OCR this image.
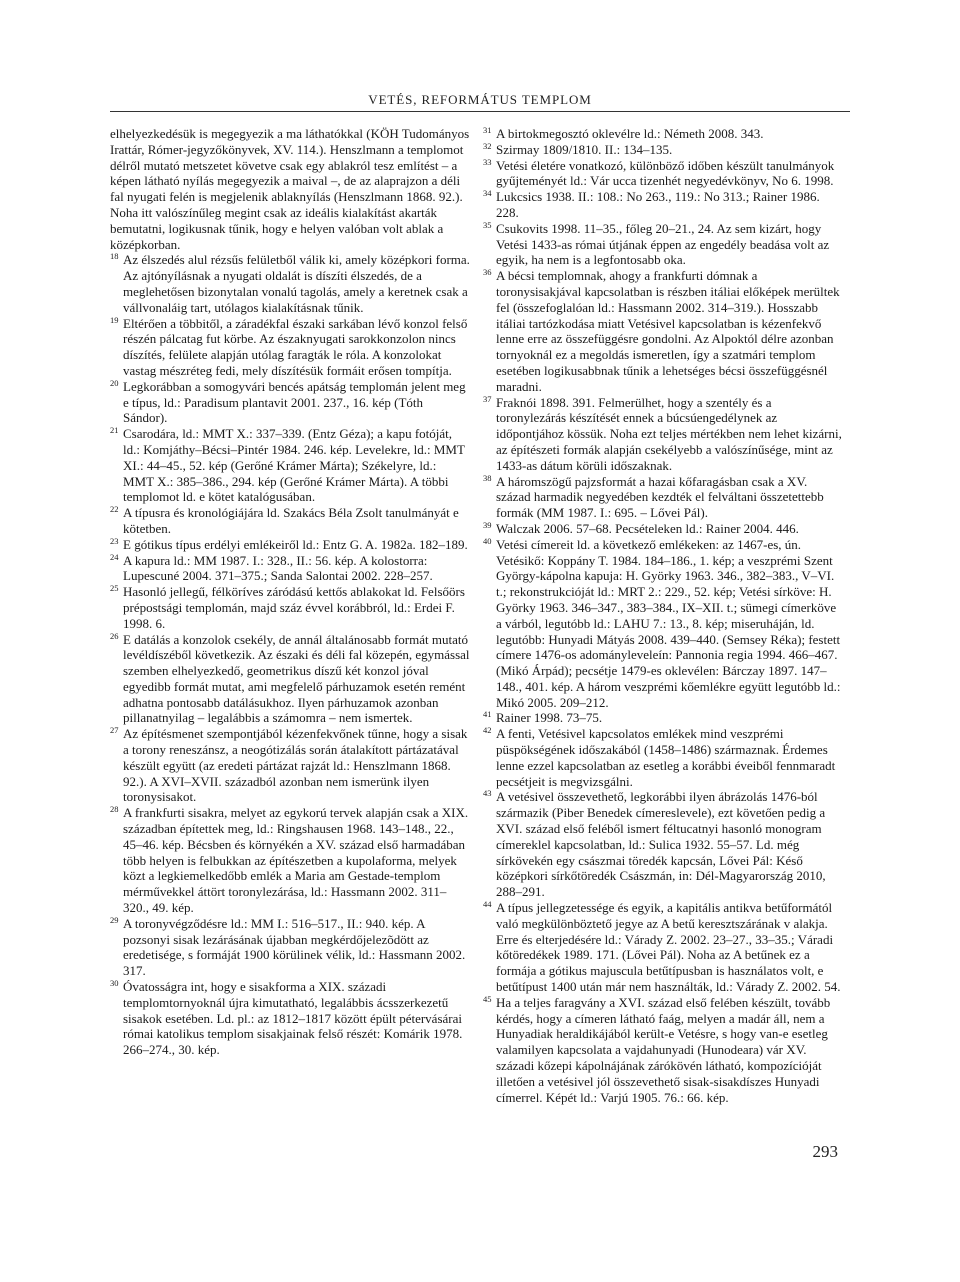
VETÉS, REFORMÁTUS TEMPLOM

elhelyezkedésük is megegyezik a ma láthatókkal (KÖH Tudományos Irattár, Rómer-jegyzőkönyvek, XV. 114.). Henszlmann a templomot délről mutató metszetet követve csak egy ablakról tesz említést – a képen látható nyílás megegyezik a maival –, de az alaprajzon a déli fal nyugati felén is megjelenik ablaknyílás (Henszlmann 1868. 92.). Noha itt valószínűleg megint csak az ideális kialakítást akarták bemutatni, logikusnak tűnik, hogy e helyen valóban volt ablak a középkorban.

18 Az élszedés alul rézsűs felületből válik ki, amely középkori forma. Az ajtónyílásnak a nyugati oldalát is díszíti élszedés, de a meglehetősen bizonytalan vonalú tagolás, amely a keretnek csak a vállvonaláig tart, utólagos kialakításnak tűnik.

19 Eltérően a többitől, a záradékfal északi sarkában lévő konzol felső részén pálcatag fut körbe. Az északnyugati sarokkonzolon nincs díszítés, felülete alapján utólag faragták le róla. A konzolokat vastag mészréteg fedi, mely díszítésük formáit erősen tompítja.

20 Legkorábban a somogyvári bencés apátság templomán jelent meg e típus, ld.: Paradisum plantavit 2001. 237., 16. kép (Tóth Sándor).

21 Csarodára, ld.: MMT X.: 337–339. (Entz Géza); a kapu fotóját, ld.: Komjáthy–Bécsi–Pintér 1984. 246. kép. Levelekre, ld.: MMT XI.: 44–45., 52. kép (Gerőné Krámer Márta); Székelyre, ld.: MMT X.: 385–386., 294. kép (Gerőné Krámer Márta). A többi templomot ld. e kötet katalógusában.

22 A típusra és kronológiájára ld. Szakács Béla Zsolt tanulmányát e kötetben.

23 E gótikus típus erdélyi emlékeiről ld.: Entz G. A. 1982a. 182–189.

24 A kapura ld.: MM 1987. I.: 328., II.: 56. kép. A kolostorra: Lupescuné 2004. 371–375.; Sanda Salontai 2002. 228–257.

25 Hasonló jellegű, félköríves záródású kettős ablakokat ld. Felsőörs prépostsági templomán, majd száz évvel korábbról, ld.: Erdei F. 1998. 6.

26 E datálás a konzolok csekély, de annál általánosabb formát mutató levéldíszéből következik. Az északi és déli fal közepén, egymással szemben elhelyezkedő, geometrikus díszű két konzol jóval egyedibb formát mutat, ami megfelelő párhuzamok esetén remént adhatna pontosabb datálásukhoz. Ilyen párhuzamok azonban pillanatnyilag – legalábbis a számomra – nem ismertek.

27 Az építésmenet szempontjából kézenfekvőnek tűnne, hogy a sisak a torony reneszánsz, a neogótizálás során átalakított pártázatával készült együtt (az eredeti pártázat rajzát ld.: Henszlmann 1868. 92.). A XVI–XVII. századból azonban nem ismerünk ilyen toronysisakot.

28 A frankfurti sisakra, melyet az egykorú tervek alapján csak a XIX. században építettek meg, ld.: Ringshausen 1968. 143–148., 22., 45–46. kép. Bécsben és környékén a XV. század első harmadában több helyen is felbukkan az építészetben a kupolaforma, melyek közt a legkiemelkedőbb emlék a Maria am Gestade-templom mérművekkel áttört toronylezárása, ld.: Hassmann 2002. 311–320., 49. kép.

29 A toronyvégződésre ld.: MM I.: 516–517., II.: 940. kép. A pozsonyi sisak lezárásának újabban megkérdőjelezõdött az eredetisége, s formáját 1900 körülinek vélik, ld.: Hassmann 2002. 317.

30 Óvatosságra int, hogy e sisakforma a XIX. századi templomtornyoknál újra kimutatható, legalábbis ácsszerkezetű sisakok esetében. Ld. pl.: az 1812–1817 között épült pétervásárai római katolikus templom sisakjainak felső részét: Komárik 1978. 266–274., 30. kép.

31 A birtokmegosztó oklevélre ld.: Németh 2008. 343.

32 Szirmay 1809/1810. II.: 134–135.

33 Vetési életére vonatkozó, különböző időben készült tanulmányok gyűjteményét ld.: Vár ucca tizenhét negyedévkönyv, No 6. 1998.

34 Lukcsics 1938. II.: 108.: No 263., 119.: No 313.; Rainer 1986. 228.

35 Csukovits 1998. 11–35., főleg 20–21., 24. Az sem kizárt, hogy Vetési 1433-as római útjának éppen az engedély beadása volt az egyik, ha nem is a legfontosabb oka.

36 A bécsi templomnak, ahogy a frankfurti dómnak a toronysisakjával kapcsolatban is részben itáliai előképek merültek fel (összefoglalóan ld.: Hassmann 2002. 314–319.). Hosszabb itáliai tartózkodása miatt Vetésivel kapcsolatban is kézenfekvő lenne erre az összefüggésre gondolni. Az Alpoktól délre azonban tornyoknál ez a megoldás ismeretlen, így a szatmári templom esetében logikusabbnak tűnik a lehetséges bécsi összefüggésnél maradni.

37 Fraknói 1898. 391. Felmerülhet, hogy a szentély és a toronylezárás készítését ennek a búcsúengedélynek az időpontjához kössük. Noha ezt teljes mértékben nem lehet kizárni, az építészeti formák alapján csekélyebb a valószínűsége, mint az 1433-as dátum körüli időszaknak.

38 A háromszögű pajzsformát a hazai kőfaragásban csak a XV. század harmadik negyedében kezdték el felváltani összetettebb formák (MM 1987. I.: 695. – Lővei Pál).

39 Walczak 2006. 57–68. Pecsételeken ld.: Rainer 2004. 446.

40 Vetési címereit ld. a következő emlékeken: az 1467-es, ún. Vetésikő: Koppány T. 1984. 184–186., 1. kép; a veszprémi Szent György-kápolna kapuja: H. Györky 1963. 346., 382–383., V–VI. t.; rekonstrukcióját ld.: MRT 2.: 229., 52. kép; Vetési sírköve: H. Györky 1963. 346–347., 383–384., IX–XII. t.; sümegi címerköve a várból, legutóbb ld.: LAHU 7.: 13., 8. kép; miseruháján, ld. legutóbb: Hunyadi Mátyás 2008. 439–440. (Semsey Réka); festett címere 1476-os adományleveleín: Pannonia regia 1994. 466–467. (Mikó Árpád); pecsétje 1479-es oklevélen: Bárczay 1897. 147–148., 401. kép. A három veszprémi kőemlékre együtt legutóbb ld.: Mikó 2005. 209–212.

41 Rainer 1998. 73–75.

42 A fenti, Vetésivel kapcsolatos emlékek mind veszprémi püspökségének időszakából (1458–1486) származnak. Érdemes lenne ezzel kapcsolatban az esetleg a korábbi éveiből fennmaradt pecsétjeit is megvizsgálni.

43 A vetésivel összevethető, legkorábbi ilyen ábrázolás 1476-ból származik (Piber Benedek címereslevele), ezt követően pedig a XVI. század első feléből ismert féltucatnyi hasonló monogram címereklel kapcsolatban, ld.: Sulica 1932. 55–57. Ld. még sírkövekén egy császmai töredék kapcsán, Lővei Pál: Késő középkori sírkőtöredék Császmán, in: Dél-Magyarország 2010, 288–291.

44 A típus jellegzetessége és egyik, a kapitális antikva betűformától való megkülönböztető jegye az A betű keresztszárának v alakja. Erre és elterjedésére ld.: Várady Z. 2002. 23–27., 33–35.; Váradi kőtöredékek 1989. 171. (Lővei Pál). Noha az A betűnek ez a formája a gótikus majuscula betűtípusban is használatos volt, e betűtípust 1400 után már nem használták, ld.: Várady Z. 2002. 54.

45 Ha a teljes faragvány a XVI. század első felében készült, tovább kérdés, hogy a címeren látható faág, melyen a madár áll, nem a Hunyadiak heraldikájából került-e Vetésre, s hogy van-e esetleg valamilyen kapcsolata a vajdahunyadi (Hunodeara) vár XV. századi kőzepi kápolnájának zárókövén látható, kompozícióját illetően a vetésivel jól összevethető sisak-sisakdíszes Hunyadi címerrel. Képét ld.: Varjú 1905. 76.: 66. kép.

293
